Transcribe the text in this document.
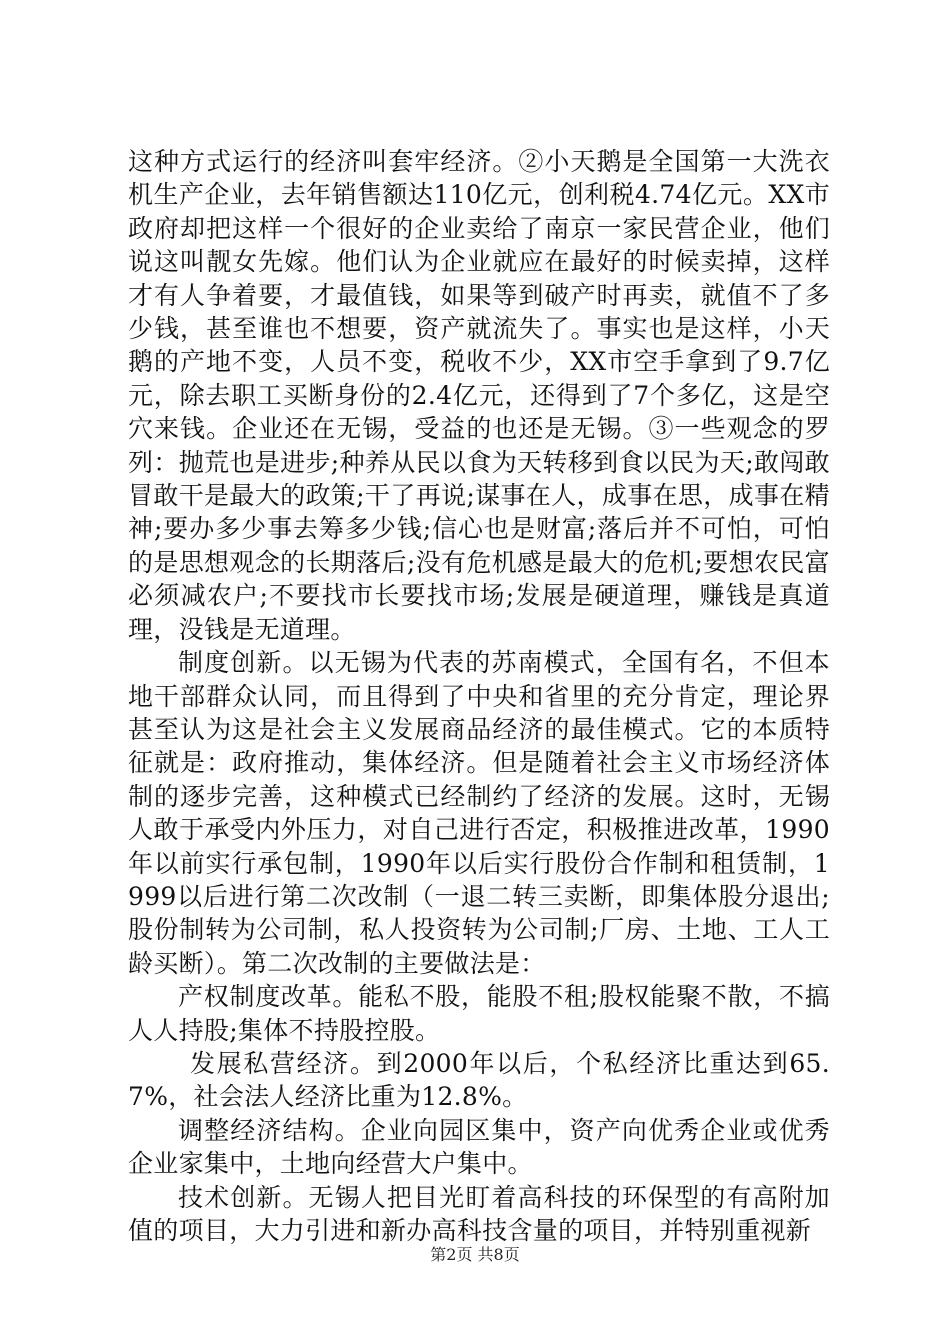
这种方式运行的经济叫套牢经济。②小天鹅是全国第一大洗衣机生产企业，去年销售额达110亿元，创利税4.74亿元。XX市政府却把这样一个很好的企业卖给了南京一家民营企业，他们说这叫靓女先嫁。他们认为企业就应在最好的时候卖掉，这样才有人争着要，才最值钱，如果等到破产时再卖，就值不了多少钱，甚至谁也不想要，资产就流失了。事实也是这样，小天鹅的产地不变，人员不变，税收不少，XX市空手拿到了9.7亿元，除去职工买断身份的2.4亿元，还得到了7个多亿，这是空穴来钱。企业还在无锡，受益的也还是无锡。③一些观念的罗列：抛荒也是进步;种养从民以食为天转移到食以民为天;敢闯敢冒敢干是最大的政策;干了再说;谋事在人，成事在思，成事在精神;要办多少事去筹多少钱;信心也是财富;落后并不可怕，可怕的是思想观念的长期落后;没有危机感是最大的危机;要想农民富必须减农户;不要找市长要找市场;发展是硬道理，赚钱是真道理，没钱是无道理。

制度创新。以无锡为代表的苏南模式，全国有名，不但本地干部群众认同，而且得到了中央和省里的充分肯定，理论界甚至认为这是社会主义发展商品经济的最佳模式。它的本质特征就是：政府推动，集体经济。但是随着社会主义市场经济体制的逐步完善，这种模式已经制约了经济的发展。这时，无锡人敢于承受内外压力，对自己进行否定，积极推进改革，1990年以前实行承包制，1990年以后实行股份合作制和租赁制，1999以后进行第二次改制（一退二转三卖断，即集体股分退出;股份制转为公司制，私人投资转为公司制;厂房、土地、工人工龄买断）。第二次改制的主要做法是：

产权制度改革。能私不股，能股不租;股权能聚不散，不搞人人持股;集体不持股控股。

发展私营经济。到2000年以后，个私经济比重达到65.7%，社会法人经济比重为12.8%。

调整经济结构。企业向园区集中，资产向优秀企业或优秀企业家集中，土地向经营大户集中。

技术创新。无锡人把目光盯着高科技的环保型的有高附加值的项目，大力引进和新办高科技含量的项目，并特别重视新

第2页 共8页
